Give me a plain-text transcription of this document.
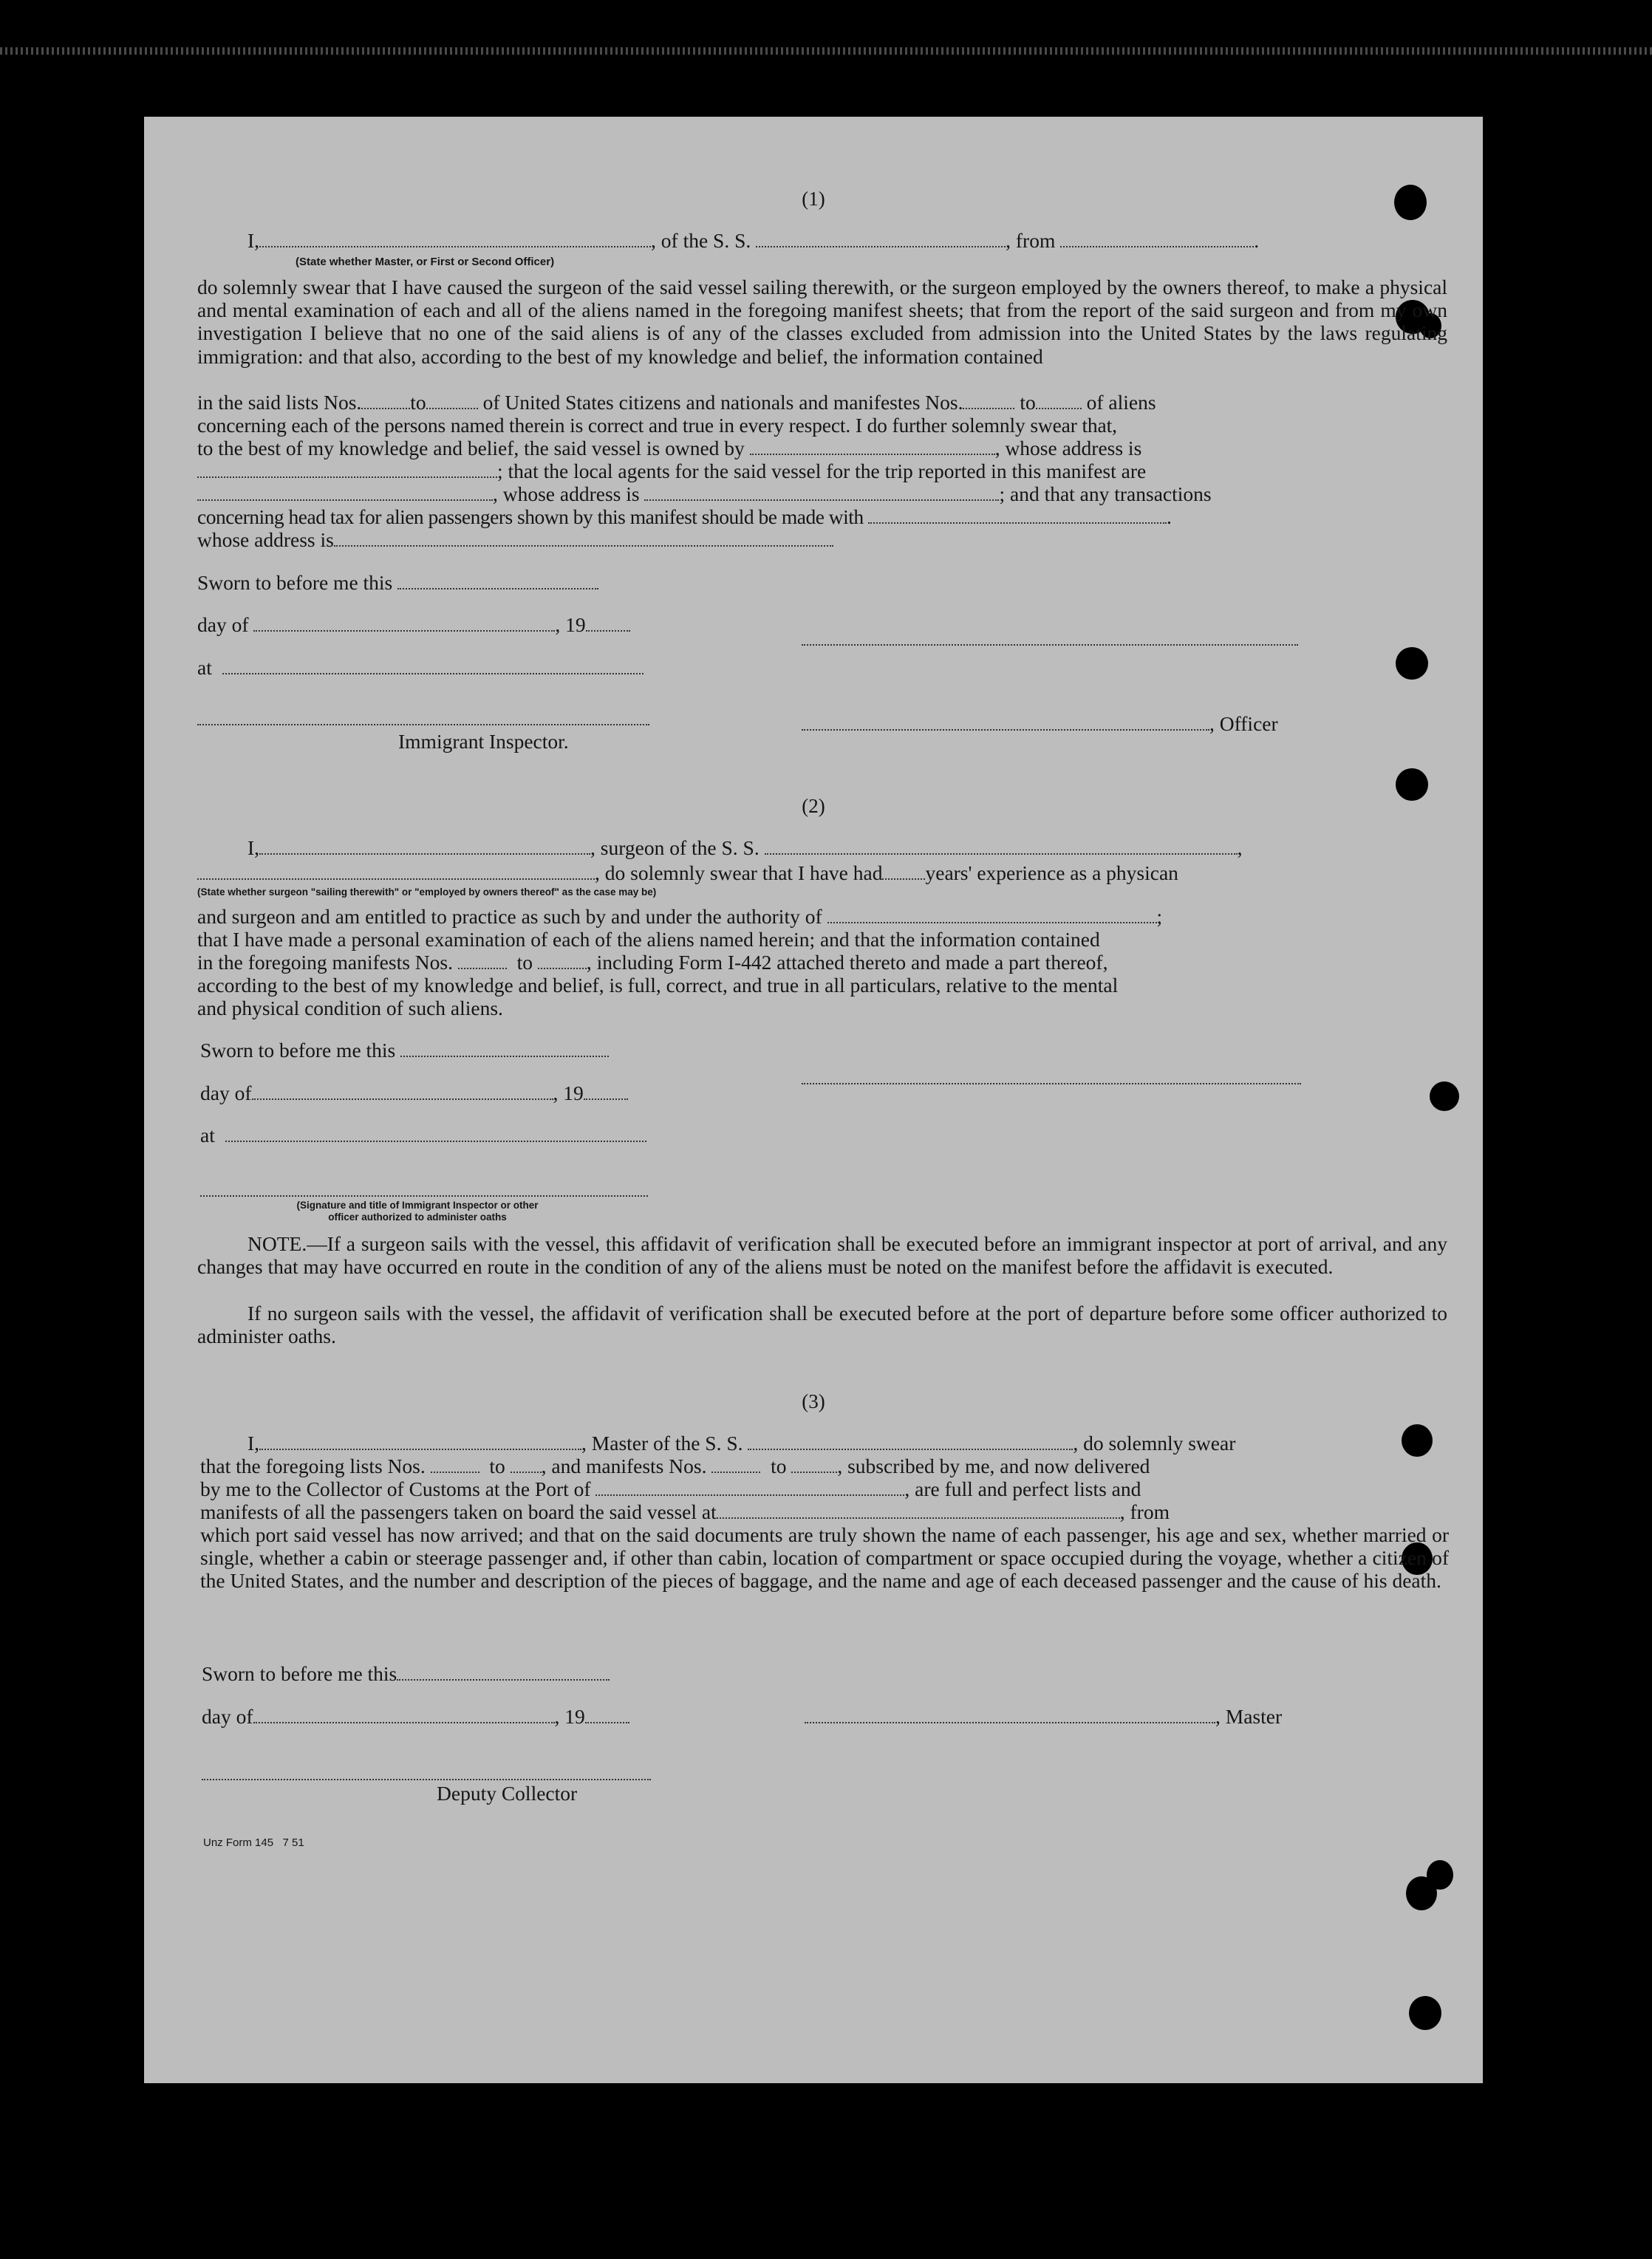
(1)
I,	, of the S. S.	, from	.
(State whether Master, or First or Second Officer)

do solemnly swear that I have caused the surgeon of the said vessel sailing therewith, or the surgeon employed by the owners thereof, to make a physical and mental examination of each and all of the aliens named in the foregoing manifest sheets; that from the report of the said surgeon and from my own investigation I believe that no one of the said aliens is of any of the classes excluded from admission into the United States by the laws regulating immigration: and that also, according to the best of my knowledge and belief, the information contained

in the said lists Nos. to	of United States citizens and nationals and manifestes Nos.	to	of aliens
concerning each of the persons named therein is correct and true in every respect. I do further solemnly swear that,
to the best of my knowledge and belief, the said vessel is owned by	, whose address is
; that the local agents for the said vessel for the trip reported in this manifest are
, whose address is	; and that any transactions
concerning head tax for alien passengers shown by this manifest should be made with	.
whose address is
Sworn to before me this
day of	, 19
at
, Officer
Immigrant Inspector.
(2)
I,	, surgeon of the S. S.	,
, do solemnly swear that I have had years' experience as a physican
(State whether surgeon "sailing therewith" or "employed by owners thereof" as the case may be)
and surgeon and am entitled to practice as such by and under the authority of	;
that I have made a personal examination of each of the aliens named herein; and that the information contained
in the foregoing manifests Nos.	to	, including Form I-442 attached thereto and made a part thereof,
according to the best of my knowledge and belief, is full, correct, and true in all particulars, relative to the mental
and physical condition of such aliens.
Sworn to before me this
day of	, 19
at
(Signature and title of Immigrant Inspector or other
officer authorized to administer oaths

NOTE.—If a surgeon sails with the vessel, this affidavit of verification shall be executed before an immigrant inspector at port of arrival, and any changes that may have occurred en route in the condition of any of the aliens must be noted on the manifest before the affidavit is executed.

If no surgeon sails with the vessel, the affidavit of verification shall be executed before at the port of departure before some officer authorized to administer oaths.

(3)
I,	, Master of the S. S.	, do solemnly swear
that the foregoing lists Nos.	to , and manifests Nos.	to	, subscribed by me, and now delivered
by me to the Collector of Customs at the Port of	, are full and perfect lists and
manifests of all the passengers taken on board the said vessel at	, from

which port said vessel has now arrived; and that on the said documents are truly shown the name of each passenger, his age and sex, whether married or single, whether a cabin or steerage passenger and, if other than cabin, location of compartment or space occupied during the voyage, whether a citizen of the United States, and the number and description of the pieces of baggage, and the name and age of each deceased passenger and the cause of his death.

Sworn to before me this
day of	, 19	, Master
Deputy Collector
Unz Form 145   7 51
